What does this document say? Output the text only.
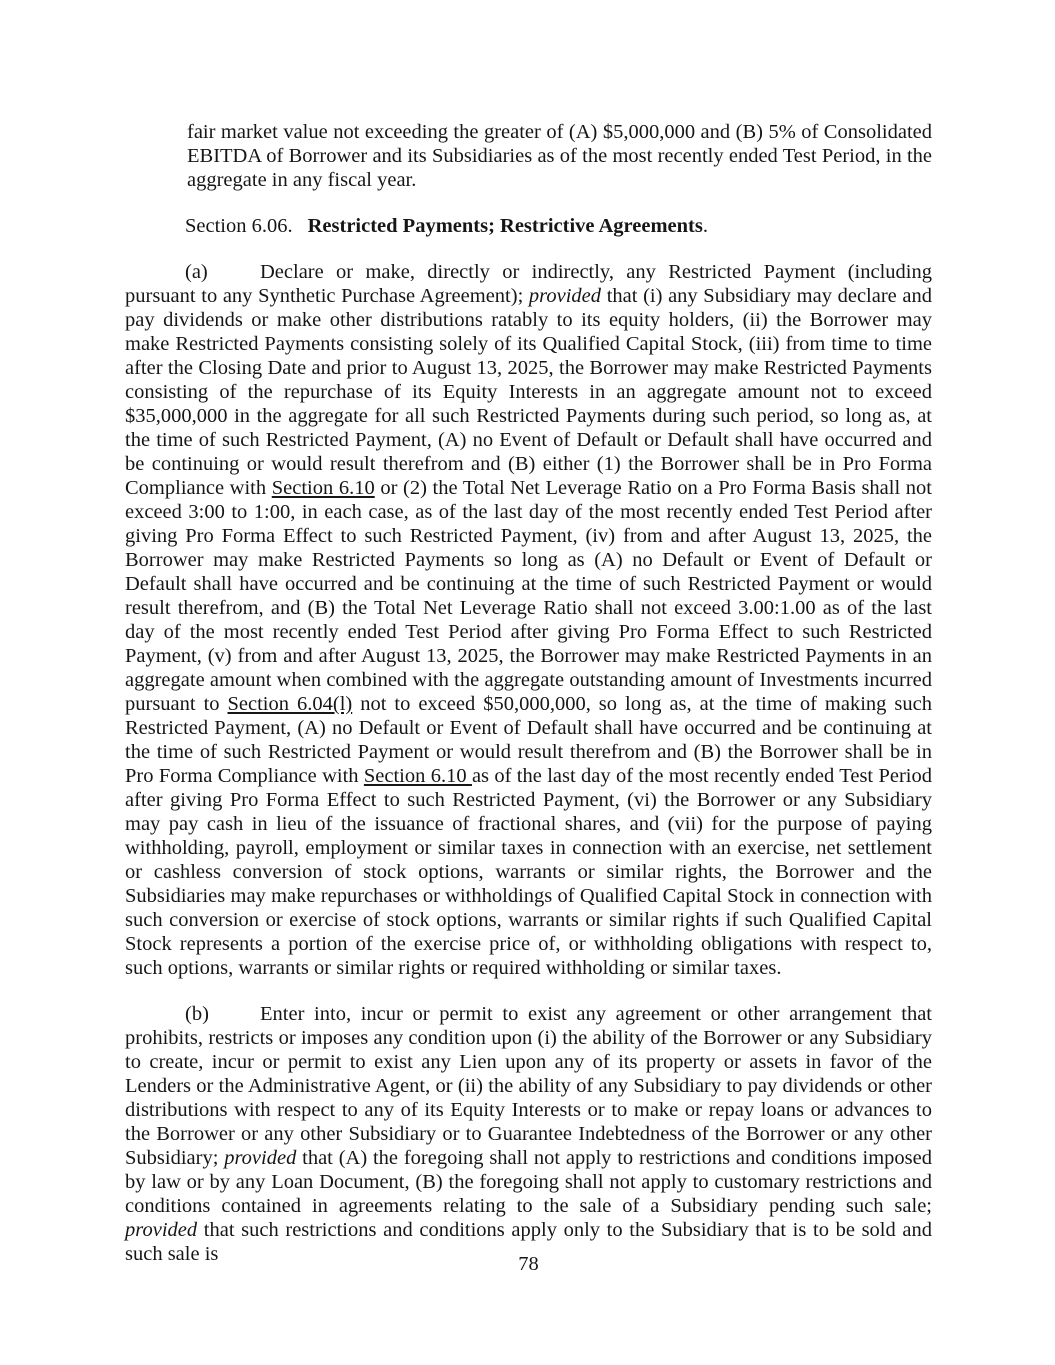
fair market value not exceeding the greater of (A) $5,000,000 and (B) 5% of Consolidated EBITDA of Borrower and its Subsidiaries as of the most recently ended Test Period, in the aggregate in any fiscal year.

Section 6.06. Restricted Payments; Restrictive Agreements.

(a)	Declare or make, directly or indirectly, any Restricted Payment (including pursuant to any Synthetic Purchase Agreement); provided that (i) any Subsidiary may declare and pay dividends or make other distributions ratably to its equity holders, (ii) the Borrower may make Restricted Payments consisting solely of its Qualified Capital Stock, (iii) from time to time after the Closing Date and prior to August 13, 2025, the Borrower may make Restricted Payments consisting of the repurchase of its Equity Interests in an aggregate amount not to exceed $35,000,000 in the aggregate for all such Restricted Payments during such period, so long as, at the time of such Restricted Payment, (A) no Event of Default or Default shall have occurred and be continuing or would result therefrom and (B) either (1) the Borrower shall be in Pro Forma Compliance with Section 6.10 or (2) the Total Net Leverage Ratio on a Pro Forma Basis shall not exceed 3:00 to 1:00, in each case, as of the last day of the most recently ended Test Period after giving Pro Forma Effect to such Restricted Payment, (iv) from and after August 13, 2025, the Borrower may make Restricted Payments so long as (A) no Default or Event of Default or Default shall have occurred and be continuing at the time of such Restricted Payment or would result therefrom, and (B) the Total Net Leverage Ratio shall not exceed 3.00:1.00 as of the last day of the most recently ended Test Period after giving Pro Forma Effect to such Restricted Payment, (v) from and after August 13, 2025, the Borrower may make Restricted Payments in an aggregate amount when combined with the aggregate outstanding amount of Investments incurred pursuant to Section 6.04(l) not to exceed $50,000,000, so long as, at the time of making such Restricted Payment, (A) no Default or Event of Default shall have occurred and be continuing at the time of such Restricted Payment or would result therefrom and (B) the Borrower shall be in Pro Forma Compliance with Section 6.10 as of the last day of the most recently ended Test Period after giving Pro Forma Effect to such Restricted Payment, (vi) the Borrower or any Subsidiary may pay cash in lieu of the issuance of fractional shares, and (vii) for the purpose of paying withholding, payroll, employment or similar taxes in connection with an exercise, net settlement or cashless conversion of stock options, warrants or similar rights, the Borrower and the Subsidiaries may make repurchases or withholdings of Qualified Capital Stock in connection with such conversion or exercise of stock options, warrants or similar rights if such Qualified Capital Stock represents a portion of the exercise price of, or withholding obligations with respect to, such options, warrants or similar rights or required withholding or similar taxes.

(b) Enter into, incur or permit to exist any agreement or other arrangement that prohibits, restricts or imposes any condition upon (i) the ability of the Borrower or any Subsidiary to create, incur or permit to exist any Lien upon any of its property or assets in favor of the Lenders or the Administrative Agent, or (ii) the ability of any Subsidiary to pay dividends or other distributions with respect to any of its Equity Interests or to make or repay loans or advances to the Borrower or any other Subsidiary or to Guarantee Indebtedness of the Borrower or any other Subsidiary; provided that (A) the foregoing shall not apply to restrictions and conditions imposed by law or by any Loan Document, (B) the foregoing shall not apply to customary restrictions and conditions contained in agreements relating to the sale of a Subsidiary pending such sale; provided that such restrictions and conditions apply only to the Subsidiary that is to be sold and such sale is	78
